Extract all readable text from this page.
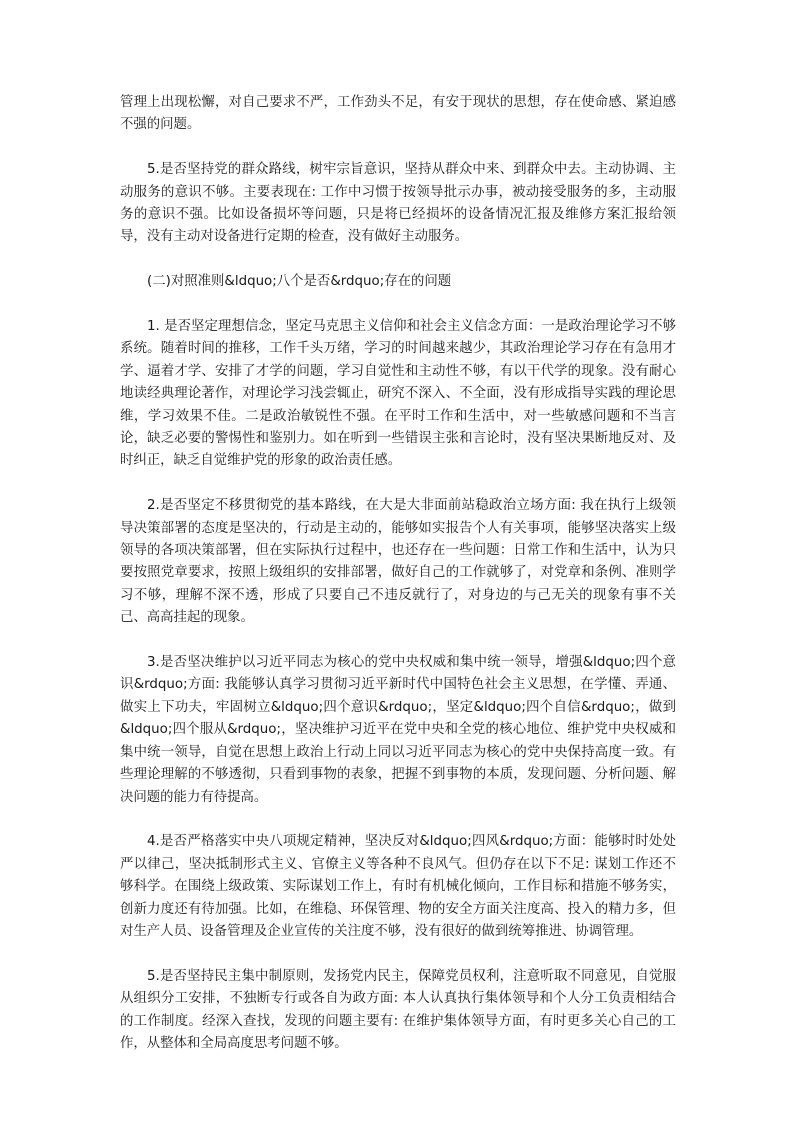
管理上出现松懈，对自己要求不严，工作劲头不足，有安于现状的思想，存在使命感、紧迫感不强的问题。

5.是否坚持党的群众路线，树牢宗旨意识，坚持从群众中来、到群众中去。主动协调、主动服务的意识不够。主要表现在: 工作中习惯于按领导批示办事，被动接受服务的多，主动服务的意识不强。比如设备损坏等问题，只是将已经损坏的设备情况汇报及维修方案汇报给领导，没有主动对设备进行定期的检查，没有做好主动服务。

(二)对照准则&ldquo;八个是否&rdquo;存在的问题

1. 是否坚定理想信念，坚定马克思主义信仰和社会主义信念方面：一是政治理论学习不够系统。随着时间的推移，工作千头万绪，学习的时间越来越少，其政治理论学习存在有急用才学、逼着才学、安排了才学的问题，学习自觉性和主动性不够，有以干代学的现象。没有耐心地读经典理论著作，对理论学习浅尝辄止，研究不深入、不全面，没有形成指导实践的理论思维，学习效果不佳。二是政治敏锐性不强。在平时工作和生活中，对一些敏感问题和不当言论，缺乏必要的警惕性和鉴别力。如在听到一些错误主张和言论时，没有坚决果断地反对、及时纠正，缺乏自觉维护党的形象的政治责任感。

2.是否坚定不移贯彻党的基本路线，在大是大非面前站稳政治立场方面: 我在执行上级领导决策部署的态度是坚决的，行动是主动的，能够如实报告个人有关事项，能够坚决落实上级领导的各项决策部署，但在实际执行过程中，也还存在一些问题：日常工作和生活中，认为只要按照党章要求，按照上级组织的安排部署，做好自己的工作就够了，对党章和条例、准则学习不够，理解不深不透，形成了只要自己不违反就行了，对身边的与己无关的现象有事不关己、高高挂起的现象。

3.是否坚决维护以习近平同志为核心的党中央权威和集中统一领导，增强&ldquo;四个意识&rdquo;方面: 我能够认真学习贯彻习近平新时代中国特色社会主义思想，在学懂、弄通、做实上下功夫，牢固树立&ldquo;四个意识&rdquo;，坚定&ldquo;四个自信&rdquo;，做到&ldquo;四个服从&rdquo;，坚决维护习近平在党中央和全党的核心地位、维护党中央权威和集中统一领导，自觉在思想上政治上行动上同以习近平同志为核心的党中央保持高度一致。有些理论理解的不够透彻，只看到事物的表象，把握不到事物的本质，发现问题、分析问题、解决问题的能力有待提高。

4.是否严格落实中央八项规定精神，坚决反对&ldquo;四风&rdquo;方面：能够时时处处严以律己，坚决抵制形式主义、官僚主义等各种不良风气。但仍存在以下不足: 谋划工作还不够科学。在围绕上级政策、实际谋划工作上，有时有机械化倾向，工作目标和措施不够务实，创新力度还有待加强。比如，在维稳、环保管理、物的安全方面关注度高、投入的精力多，但对生产人员、设备管理及企业宣传的关注度不够，没有很好的做到统筹推进、协调管理。

5.是否坚持民主集中制原则，发扬党内民主，保障党员权利，注意听取不同意见，自觉服从组织分工安排，不独断专行或各自为政方面: 本人认真执行集体领导和个人分工负责相结合的工作制度。经深入查找，发现的问题主要有: 在维护集体领导方面，有时更多关心自己的工作，从整体和全局高度思考问题不够。
